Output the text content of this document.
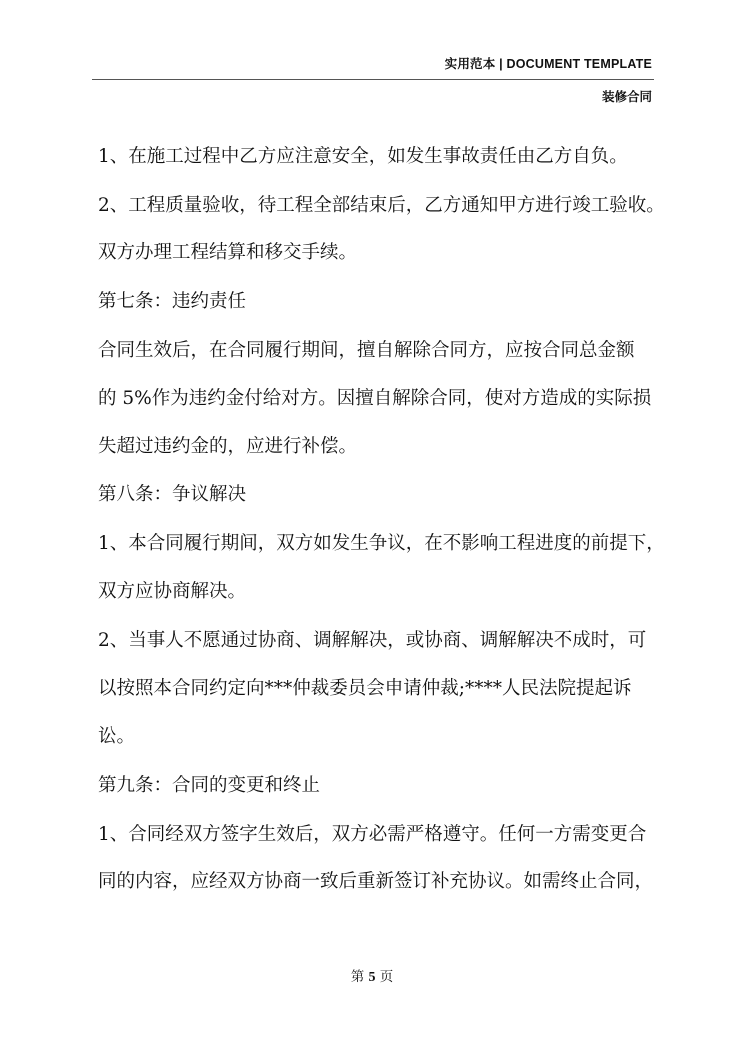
实用范本 | DOCUMENT TEMPLATE
装修合同
1、在施工过程中乙方应注意安全，如发生事故责任由乙方自负。
2、工程质量验收，待工程全部结束后，乙方通知甲方进行竣工验收。
双方办理工程结算和移交手续。
第七条：违约责任
合同生效后，在合同履行期间，擅自解除合同方，应按合同总金额
的 5%作为违约金付给对方。因擅自解除合同，使对方造成的实际损
失超过违约金的，应进行补偿。
第八条：争议解决
1、本合同履行期间，双方如发生争议，在不影响工程进度的前提下，
双方应协商解决。
2、当事人不愿通过协商、调解解决，或协商、调解解决不成时，可
以按照本合同约定向***仲裁委员会申请仲裁;****人民法院提起诉
讼。
第九条：合同的变更和终止
1、合同经双方签字生效后，双方必需严格遵守。任何一方需变更合
同的内容，应经双方协商一致后重新签订补充协议。如需终止合同，
第 5 页
